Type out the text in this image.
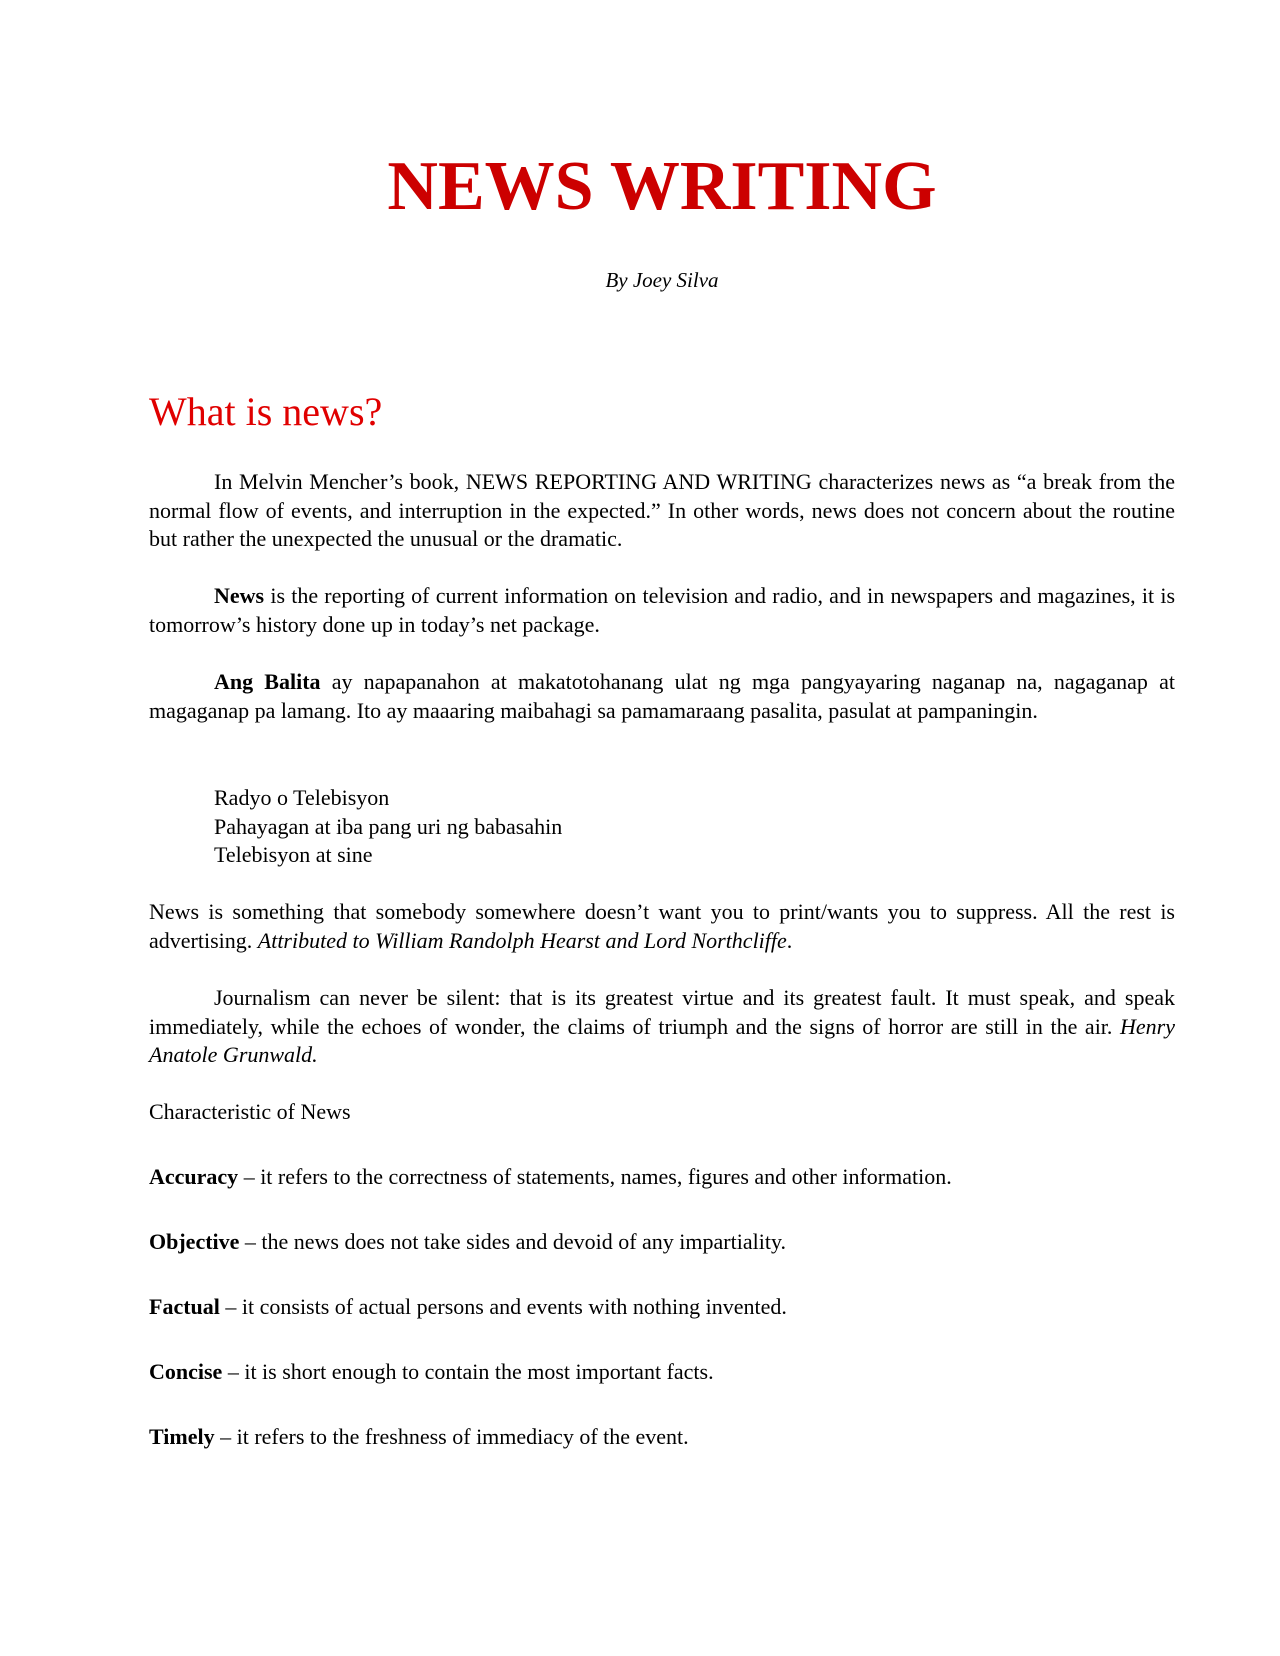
NEWS WRITING

By Joey Silva

What is news?

In Melvin Mencher’s book, NEWS REPORTING AND WRITING characterizes news as “a break from the normal flow of events, and interruption in the expected.” In other words, news does not concern about the routine but rather the unexpected the unusual or the dramatic.

News is the reporting of current information on television and radio, and in newspapers and magazines, it is tomorrow’s history done up in today’s net package.

Ang Balita ay napapanahon at makatotohanang ulat ng mga pangyayaring naganap na, nagaganap at magaganap pa lamang. Ito ay maaaring maibahagi sa pamamaraang pasalita, pasulat at pampaningin.

Radyo o Telebisyon
Pahayagan at iba pang uri ng babasahin
Telebisyon at sine

News is something that somebody somewhere doesn’t want you to print/wants you to suppress. All the rest is advertising. Attributed to William Randolph Hearst and Lord Northcliffe.

Journalism can never be silent: that is its greatest virtue and its greatest fault. It must speak, and speak immediately, while the echoes of wonder, the claims of triumph and the signs of horror are still in the air. Henry Anatole Grunwald.

Characteristic of News

Accuracy – it refers to the correctness of statements, names, figures and other information.

Objective – the news does not take sides and devoid of any impartiality.

Factual – it consists of actual persons and events with nothing invented.

Concise – it is short enough to contain the most important facts.

Timely – it refers to the freshness of immediacy of the event.
